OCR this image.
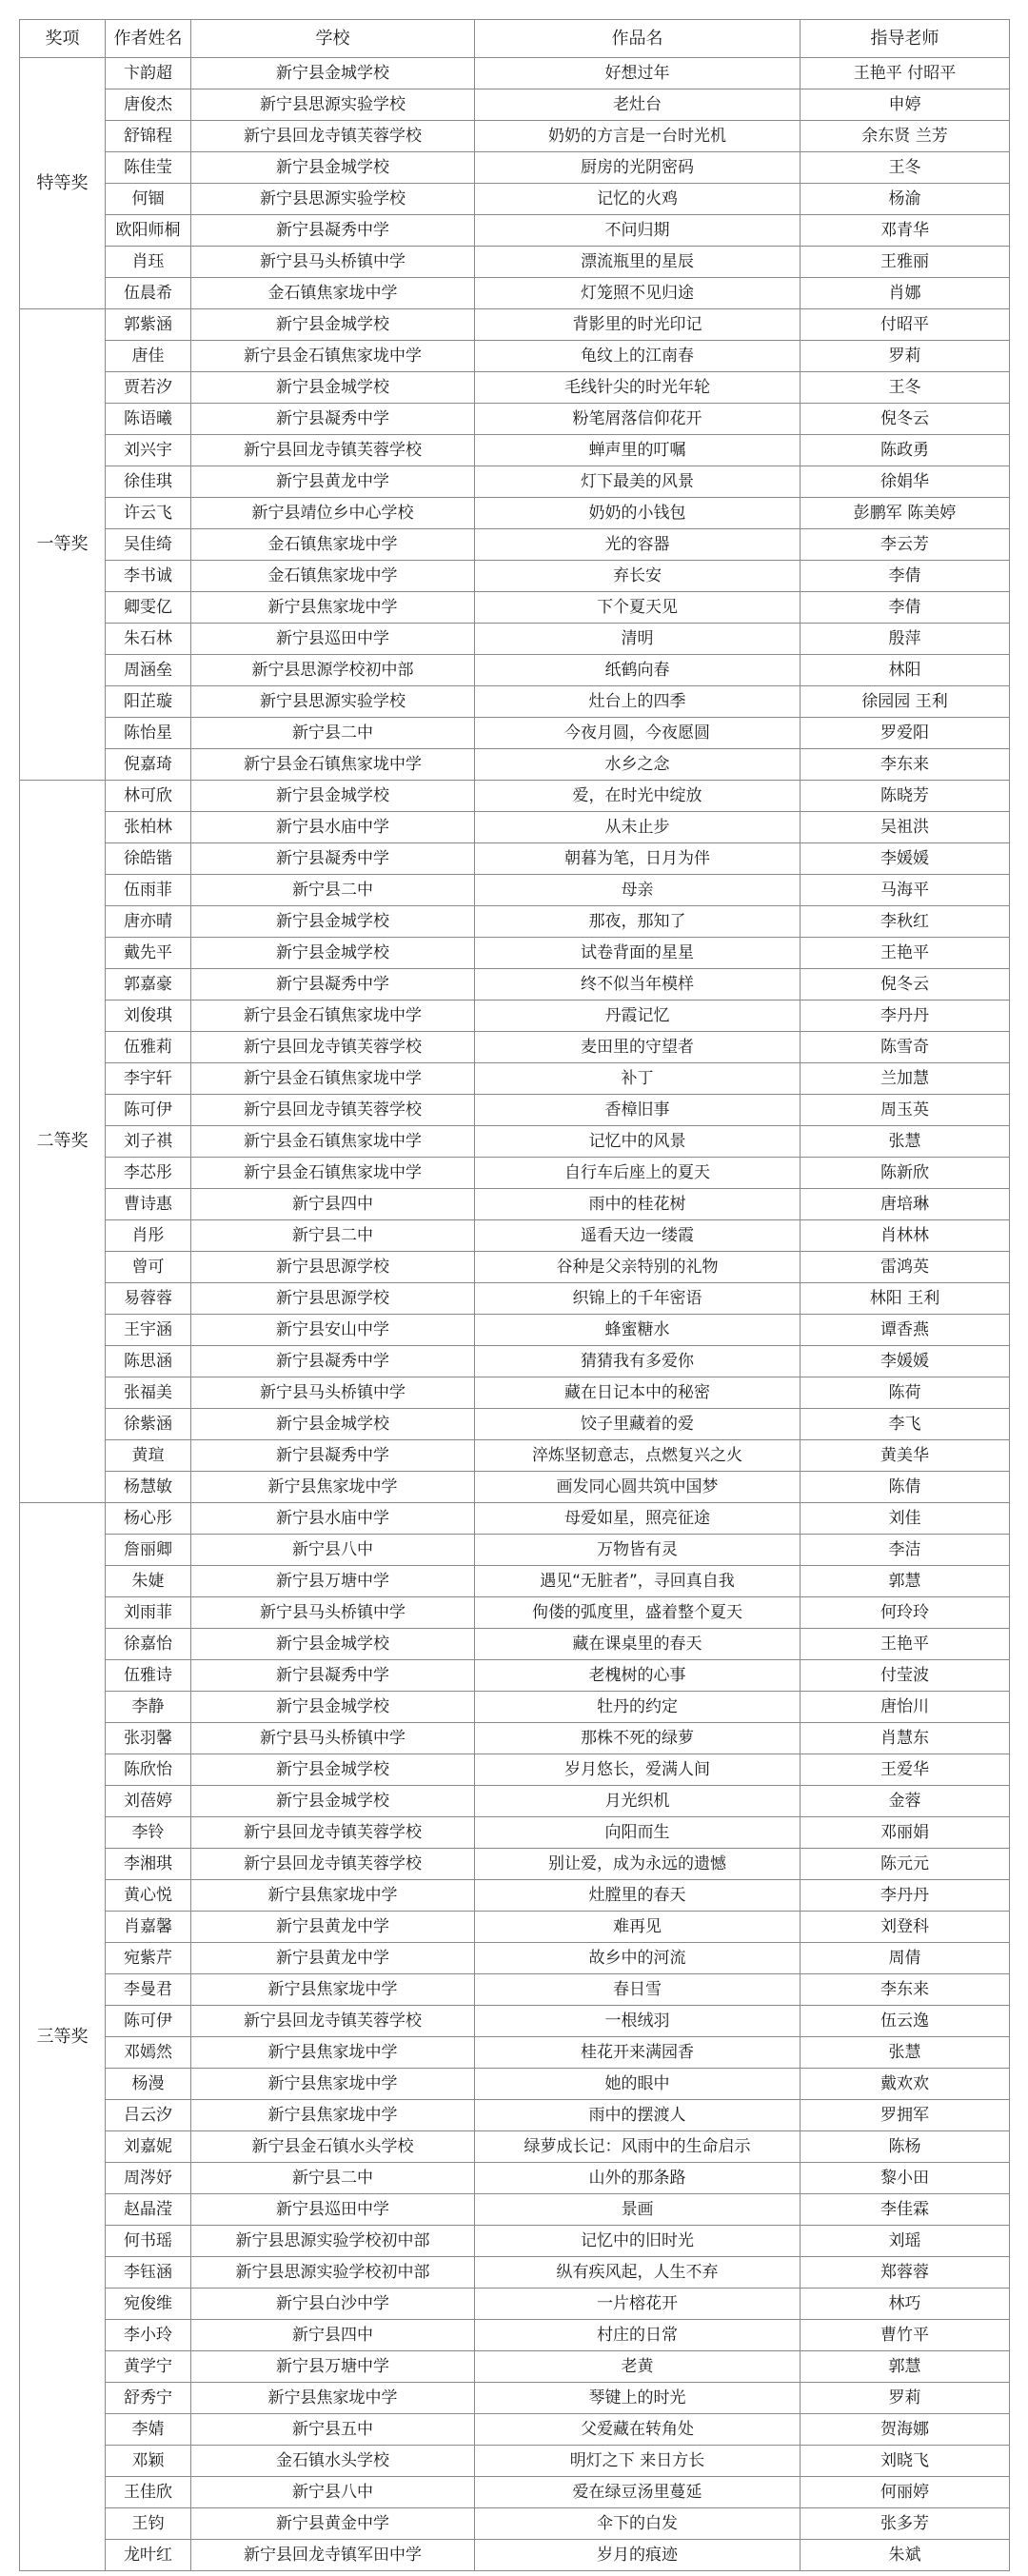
奖项	作者姓名	学校	作品名	指导老师
特等奖	卞韵超	新宁县金城学校	好想过年	王艳平 付昭平
	唐俊杰	新宁县思源实验学校	老灶台	申婷
	舒锦程	新宁县回龙寺镇芙蓉学校	奶奶的方言是一台时光机	余东贤 兰芳
	陈佳莹	新宁县金城学校	厨房的光阴密码	王冬
	何锢	新宁县思源实验学校	记忆的火鸡	杨渝
	欧阳师桐	新宁县凝秀中学	不问归期	邓青华
	肖珏	新宁县马头桥镇中学	漂流瓶里的星辰	王雅丽
	伍晨希	金石镇焦家垅中学	灯笼照不见归途	肖娜
一等奖	郭紫涵	新宁县金城学校	背影里的时光印记	付昭平
	唐佳	新宁县金石镇焦家垅中学	龟纹上的江南春	罗莉
	贾若汐	新宁县金城学校	毛线针尖的时光年轮	王冬
	陈语曦	新宁县凝秀中学	粉笔屑落信仰花开	倪冬云
	刘兴宇	新宁县回龙寺镇芙蓉学校	蝉声里的叮嘱	陈政勇
	徐佳琪	新宁县黄龙中学	灯下最美的风景	徐娟华
	许云飞	新宁县靖位乡中心学校	奶奶的小钱包	彭鹏军 陈美婷
	吴佳绮	金石镇焦家垅中学	光的容器	李云芳
	李书诚	金石镇焦家垅中学	弃长安	李倩
	卿雯亿	新宁县焦家垅中学	下个夏天见	李倩
	朱石林	新宁县巡田中学	清明	殷萍
	周涵垒	新宁县思源学校初中部	纸鹤向春	林阳
	阳芷璇	新宁县思源实验学校	灶台上的四季	徐园园 王利
	陈怡星	新宁县二中	今夜月圆，今夜愿圆	罗爱阳
	倪嘉琦	新宁县金石镇焦家垅中学	水乡之念	李东来
二等奖	林可欣	新宁县金城学校	爱，在时光中绽放	陈晓芳
	张柏林	新宁县水庙中学	从未止步	吴祖洪
	徐皓锴	新宁县凝秀中学	朝暮为笔，日月为伴	李媛媛
	伍雨菲	新宁县二中	母亲	马海平
	唐亦晴	新宁县金城学校	那夜，那知了	李秋红
	戴先平	新宁县金城学校	试卷背面的星星	王艳平
	郭嘉豪	新宁县凝秀中学	终不似当年模样	倪冬云
	刘俊琪	新宁县金石镇焦家垅中学	丹霞记忆	李丹丹
	伍雅莉	新宁县回龙寺镇芙蓉学校	麦田里的守望者	陈雪奇
	李宇轩	新宁县金石镇焦家垅中学	补丁	兰加慧
	陈可伊	新宁县回龙寺镇芙蓉学校	香樟旧事	周玉英
	刘子祺	新宁县金石镇焦家垅中学	记忆中的风景	张慧
	李芯彤	新宁县金石镇焦家垅中学	自行车后座上的夏天	陈新欣
	曹诗惠	新宁县四中	雨中的桂花树	唐培琳
	肖彤	新宁县二中	遥看天边一缕霞	肖林林
	曾可	新宁县思源学校	谷种是父亲特别的礼物	雷鸿英
	易蓉蓉	新宁县思源学校	织锦上的千年密语	林阳 王利
	王宇涵	新宁县安山中学	蜂蜜糖水	谭香燕
	陈思涵	新宁县凝秀中学	猜猜我有多爱你	李媛媛
	张福美	新宁县马头桥镇中学	藏在日记本中的秘密	陈荷
	徐紫涵	新宁县金城学校	饺子里藏着的爱	李飞
	黄瑄	新宁县凝秀中学	淬炼坚韧意志，点燃复兴之火	黄美华
	杨慧敏	新宁县焦家垅中学	画发同心圆共筑中国梦	陈倩
三等奖	杨心彤	新宁县水庙中学	母爱如星，照亮征途	刘佳
	詹丽卿	新宁县八中	万物皆有灵	李洁
	朱婕	新宁县万塘中学	遇见“无脏者”，寻回真自我	郭慧
	刘雨菲	新宁县马头桥镇中学	佝偻的弧度里，盛着整个夏天	何玲玲
	徐嘉怡	新宁县金城学校	藏在课桌里的春天	王艳平
	伍雅诗	新宁县凝秀中学	老槐树的心事	付莹波
	李静	新宁县金城学校	牡丹的约定	唐怡川
	张羽馨	新宁县马头桥镇中学	那株不死的绿萝	肖慧东
	陈欣怡	新宁县金城学校	岁月悠长，爱满人间	王爱华
	刘蓓婷	新宁县金城学校	月光织机	金蓉
	李铃	新宁县回龙寺镇芙蓉学校	向阳而生	邓丽娟
	李湘琪	新宁县回龙寺镇芙蓉学校	别让爱，成为永远的遗憾	陈元元
	黄心悦	新宁县焦家垅中学	灶膛里的春天	李丹丹
	肖嘉馨	新宁县黄龙中学	难再见	刘登科
	宛紫芹	新宁县黄龙中学	故乡中的河流	周倩
	李曼君	新宁县焦家垅中学	春日雪	李东来
	陈可伊	新宁县回龙寺镇芙蓉学校	一根绒羽	伍云逸
	邓嫣然	新宁县焦家垅中学	桂花开来满园香	张慧
	杨漫	新宁县焦家垅中学	她的眼中	戴欢欢
	吕云汐	新宁县焦家垅中学	雨中的摆渡人	罗拥军
	刘嘉妮	新宁县金石镇水头学校	绿萝成长记：风雨中的生命启示	陈杨
	周涔妤	新宁县二中	山外的那条路	黎小田
	赵晶滢	新宁县巡田中学	景画	李佳霖
	何书瑶	新宁县思源实验学校初中部	记忆中的旧时光	刘瑶
	李钰涵	新宁县思源实验学校初中部	纵有疾风起，人生不弃	郑蓉蓉
	宛俊维	新宁县白沙中学	一片榕花开	林巧
	李小玲	新宁县四中	村庄的日常	曹竹平
	黄学宁	新宁县万塘中学	老黄	郭慧
	舒秀宁	新宁县焦家垅中学	琴键上的时光	罗莉
	李婧	新宁县五中	父爱藏在转角处	贺海娜
	邓颖	金石镇水头学校	明灯之下 来日方长	刘晓飞
	王佳欣	新宁县八中	爱在绿豆汤里蔓延	何丽婷
	王钧	新宁县黄金中学	伞下的白发	张多芳
	龙叶红	新宁县回龙寺镇军田中学	岁月的痕迹	朱斌
